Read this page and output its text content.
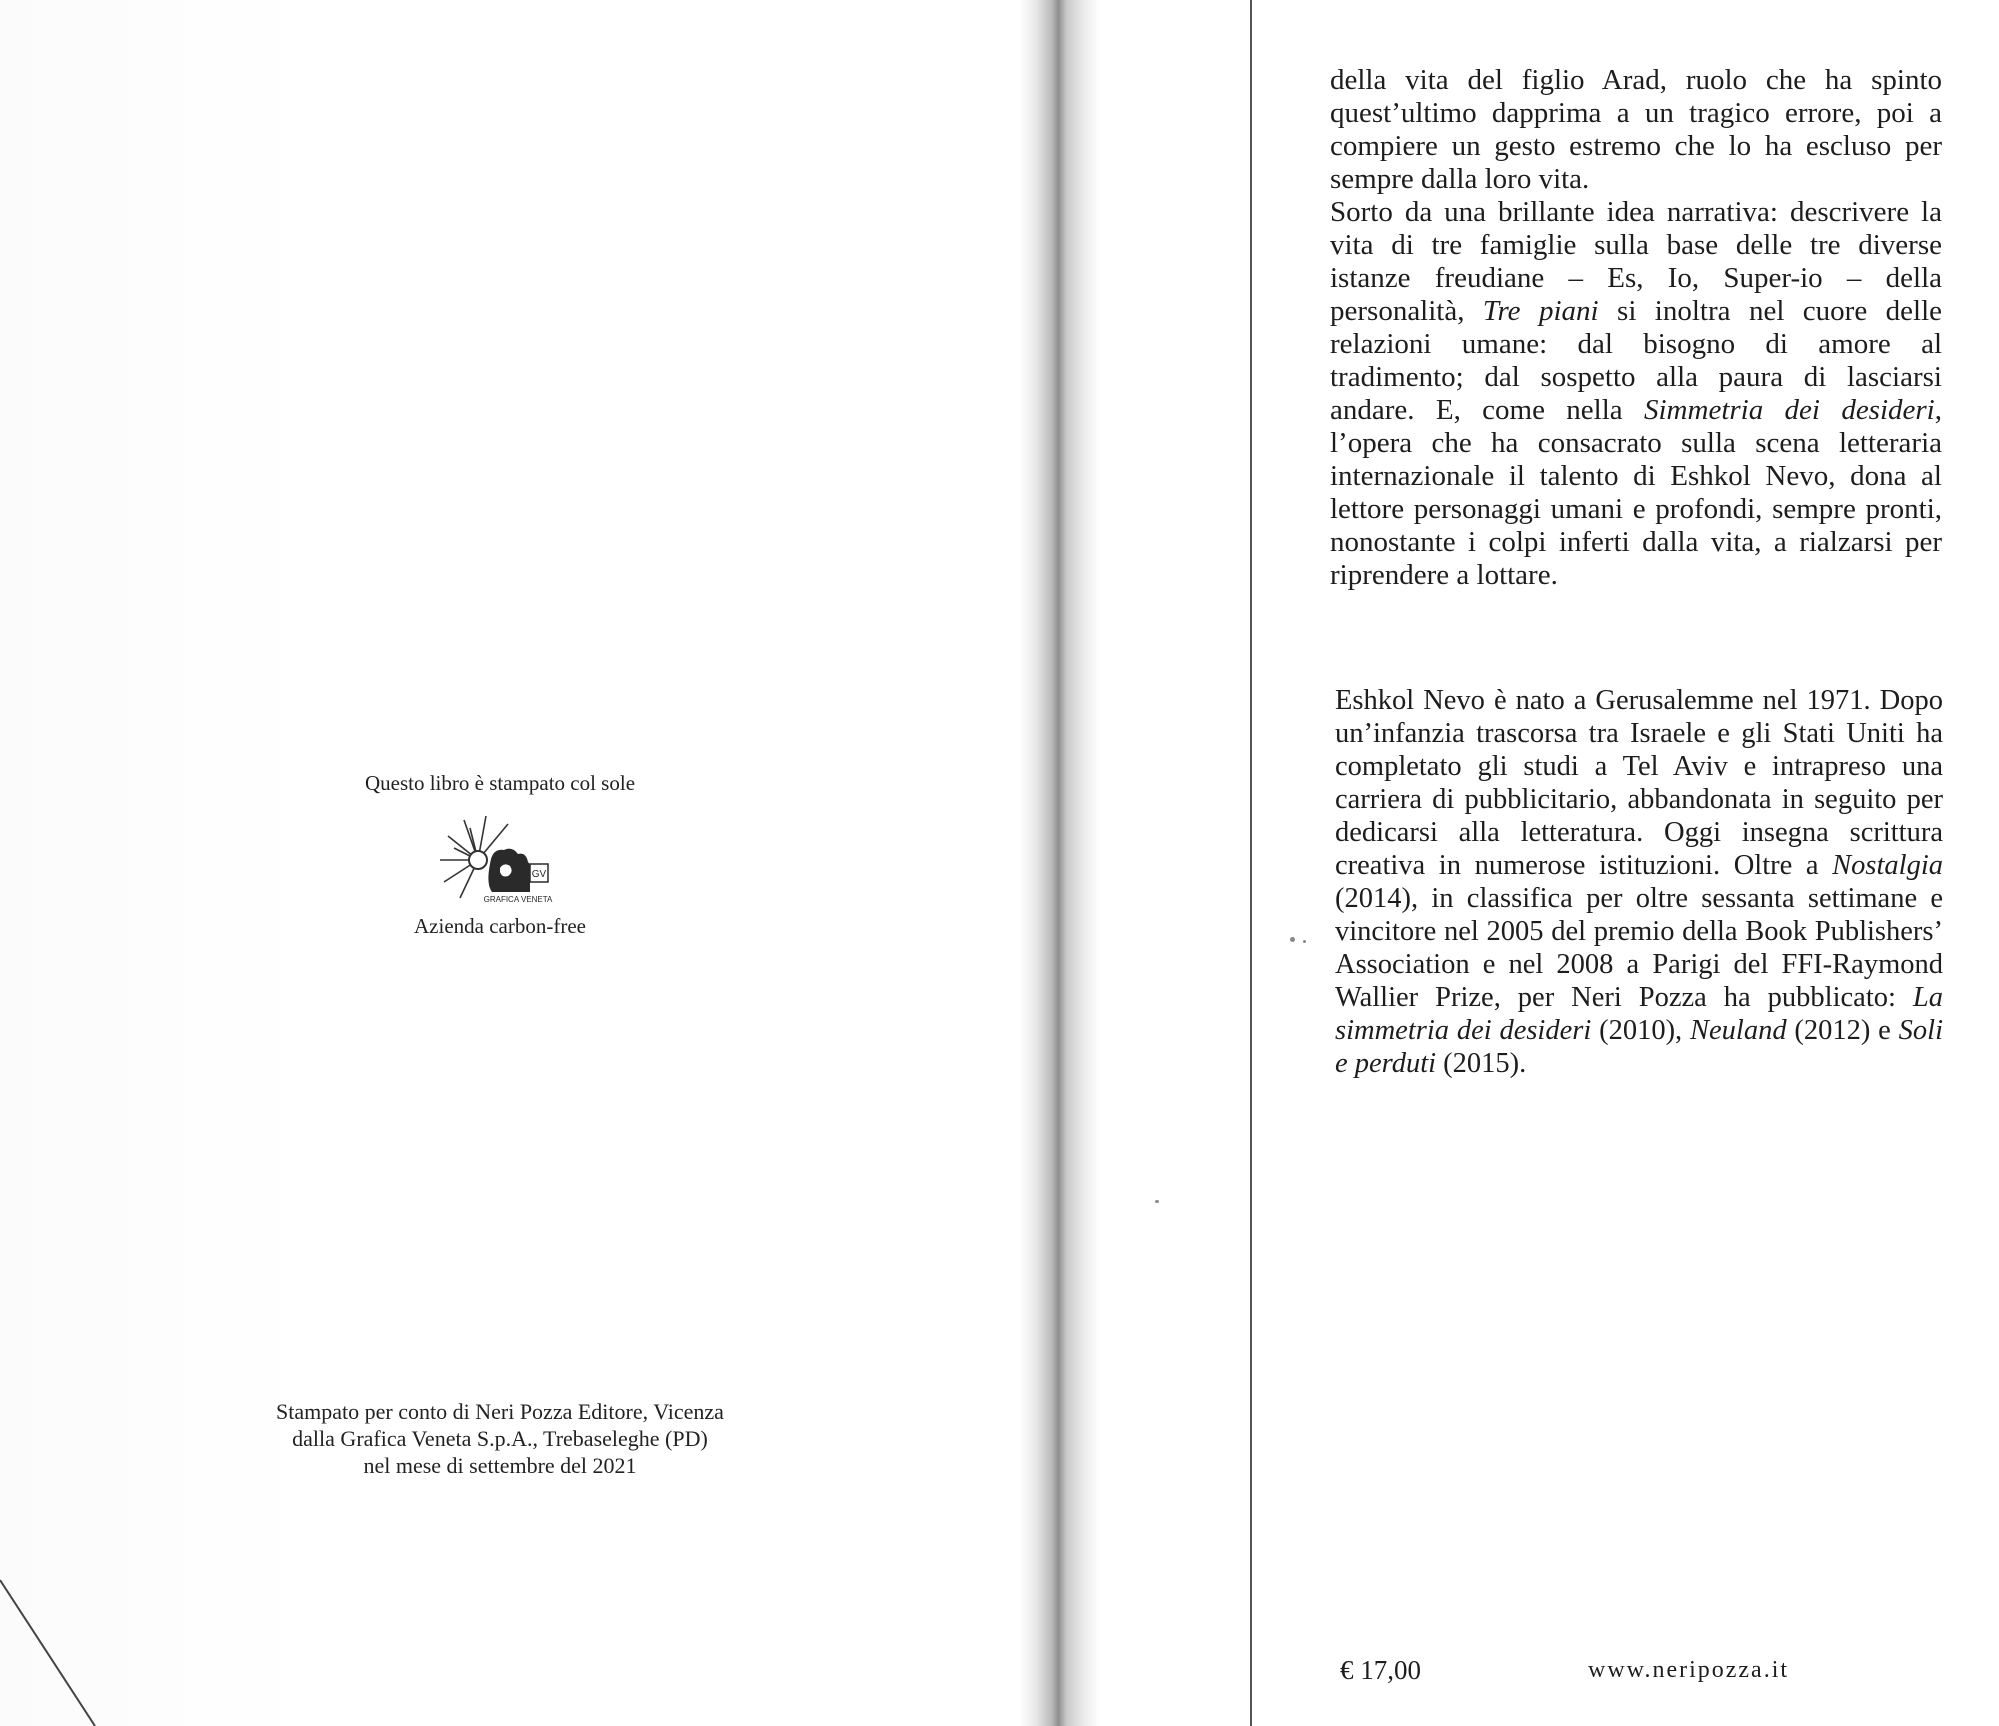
Questo libro è stampato col sole
GV
GRAFICA VENETA
Azienda carbon-free
Stampato per conto di Neri Pozza Editore, Vicenza
dalla Grafica Veneta S.p.A., Trebaseleghe (PD)
nel mese di settembre del 2021

della vita del figlio Arad, ruolo che ha spinto quest’ultimo dapprima a un tragico errore, poi a compiere un gesto estremo che lo ha escluso per sempre dalla loro vita.

Sorto da una brillante idea narrativa: descrivere la vita di tre famiglie sulla base delle tre diverse istanze freudiane – Es, Io, Super-io – della personalità, Tre piani si inoltra nel cuore delle relazioni umane: dal bisogno di amore al tradimento; dal sospetto alla paura di lasciarsi andare. E, come nella Simmetria dei desideri, l’opera che ha consacrato sulla scena letteraria internazionale il talento di Eshkol Nevo, dona al lettore personaggi umani e profondi, sempre pronti, nonostante i colpi inferti dalla vita, a rialzarsi per riprendere a lottare.

Eshkol Nevo è nato a Gerusalemme nel 1971. Dopo un’infanzia trascorsa tra Israele e gli Stati Uniti ha completato gli studi a Tel Aviv e intrapreso una carriera di pubblicitario, abbandonata in seguito per dedicarsi alla letteratura. Oggi insegna scrittura creativa in numerose istituzioni. Oltre a Nostalgia (2014), in classifica per oltre sessanta settimane e vincitore nel 2005 del premio della Book Publishers’ Association e nel 2008 a Parigi del FFI-Raymond Wallier Prize, per Neri Pozza ha pubblicato: La simmetria dei desideri (2010), Neuland (2012) e Soli e perduti (2015).

€ 17,00	www.neripozza.it
